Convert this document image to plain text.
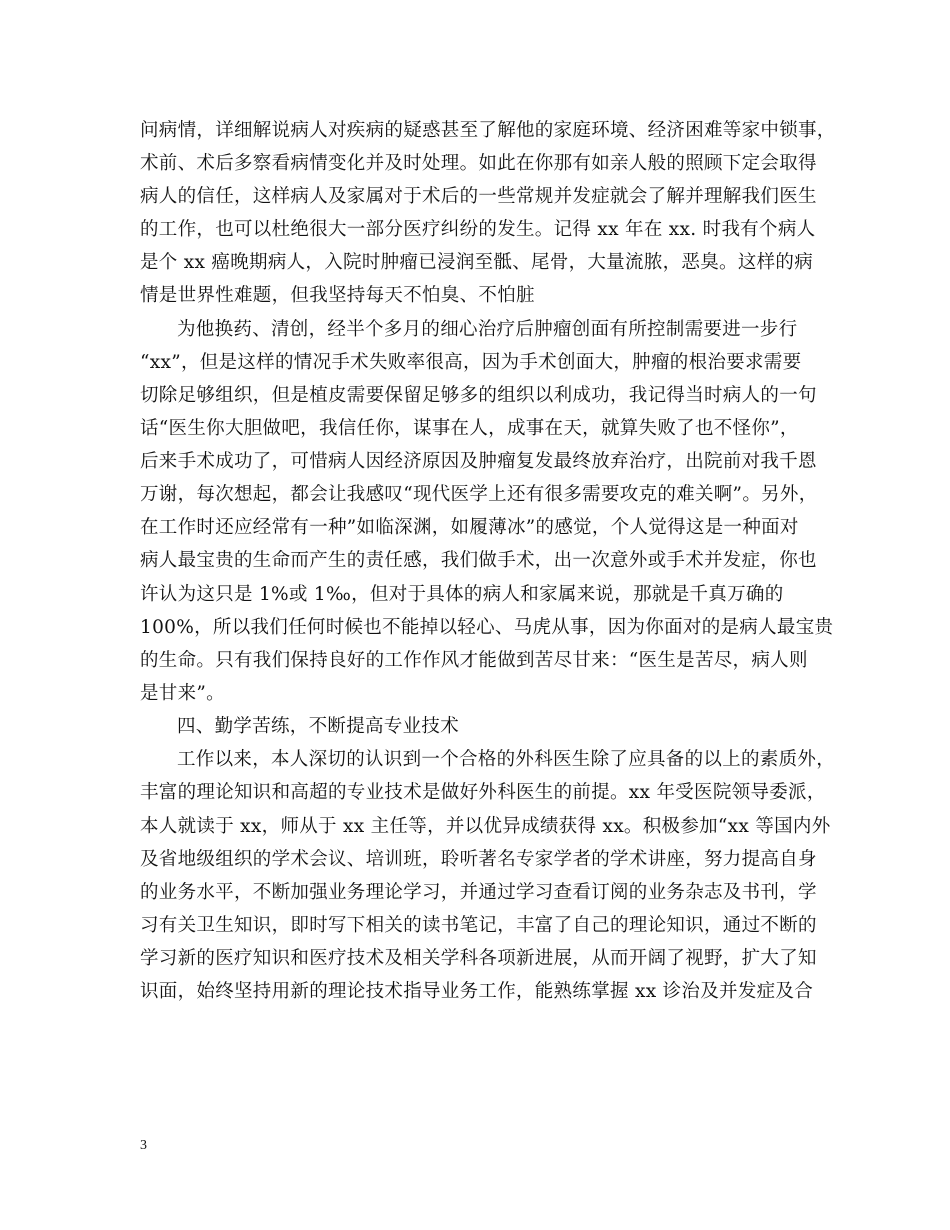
问病情，详细解说病人对疾病的疑惑甚至了解他的家庭环境、经济困难等家中锁事，
术前、术后多察看病情变化并及时处理。如此在你那有如亲人般的照顾下定会取得
病人的信任，这样病人及家属对于术后的一些常规并发症就会了解并理解我们医生
的工作，也可以杜绝很大一部分医疗纠纷的发生。记得 xx 年在 xx. 时我有个病人
是个 xx 癌晚期病人，入院时肿瘤已浸润至骶、尾骨，大量流脓，恶臭。这样的病
情是世界性难题，但我坚持每天不怕臭、不怕脏
为他换药、清创，经半个多月的细心治疗后肿瘤创面有所控制需要进一步行
“xx”，但是这样的情况手术失败率很高，因为手术创面大，肿瘤的根治要求需要
切除足够组织，但是植皮需要保留足够多的组织以利成功，我记得当时病人的一句
话“医生你大胆做吧，我信任你，谋事在人，成事在天，就算失败了也不怪你”，
后来手术成功了，可惜病人因经济原因及肿瘤复发最终放弃治疗，出院前对我千恩
万谢，每次想起，都会让我感叹“现代医学上还有很多需要攻克的难关啊”。另外，
在工作时还应经常有一种”如临深渊，如履薄冰”的感觉，个人觉得这是一种面对
病人最宝贵的生命而产生的责任感，我们做手术，出一次意外或手术并发症，你也
许认为这只是 1%或 1‰，但对于具体的病人和家属来说，那就是千真万确的
100%，所以我们任何时候也不能掉以轻心、马虎从事，因为你面对的是病人最宝贵
的生命。只有我们保持良好的工作作风才能做到苦尽甘来：“医生是苦尽，病人则
是甘来”。
四、勤学苦练，不断提高专业技术
工作以来，本人深切的认识到一个合格的外科医生除了应具备的以上的素质外，
丰富的理论知识和高超的专业技术是做好外科医生的前提。xx 年受医院领导委派，
本人就读于 xx，师从于 xx 主任等，并以优异成绩获得 xx。积极参加“xx 等国内外
及省地级组织的学术会议、培训班，聆听著名专家学者的学术讲座，努力提高自身
的业务水平，不断加强业务理论学习，并通过学习查看订阅的业务杂志及书刊，学
习有关卫生知识，即时写下相关的读书笔记，丰富了自己的理论知识，通过不断的
学习新的医疗知识和医疗技术及相关学科各项新进展，从而开阔了视野，扩大了知
识面，始终坚持用新的理论技术指导业务工作，能熟练掌握 xx 诊治及并发症及合
3
